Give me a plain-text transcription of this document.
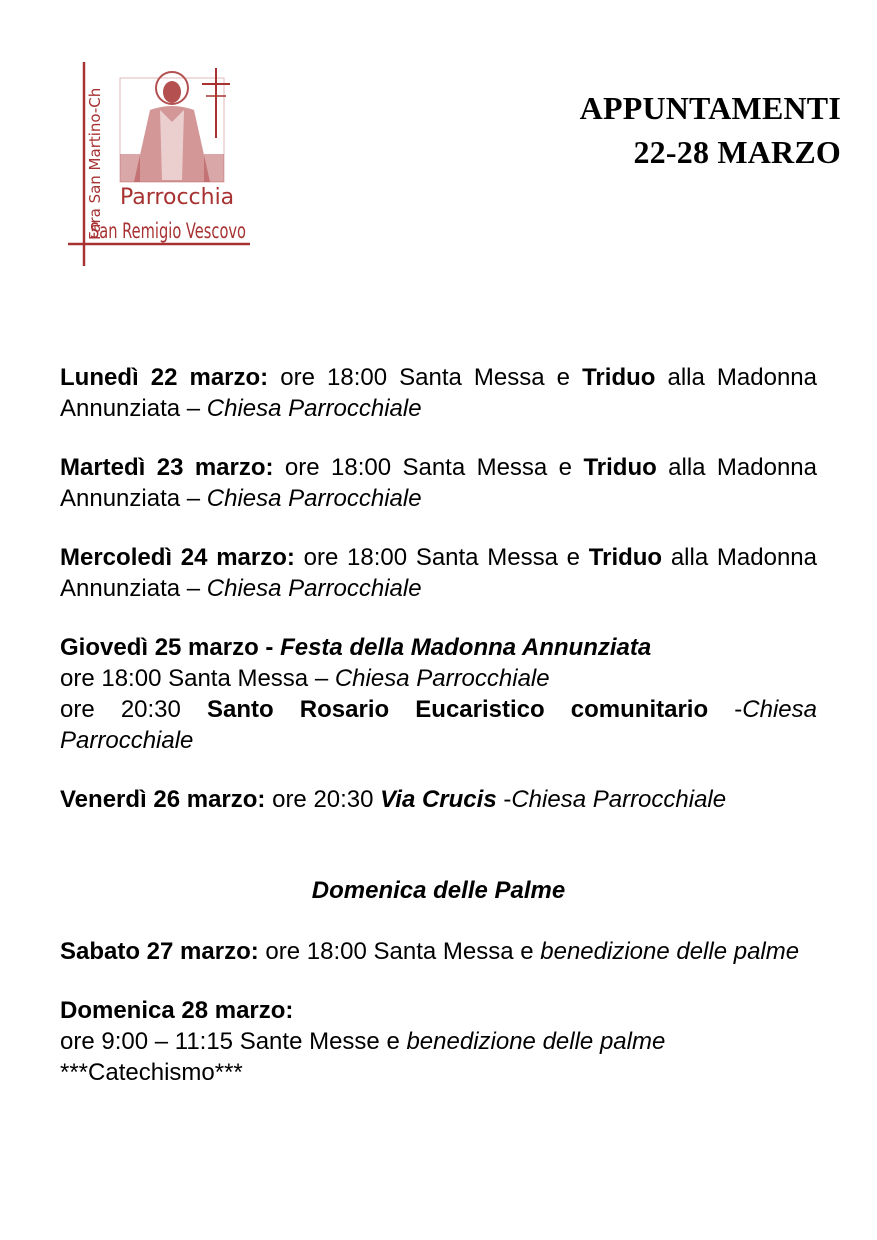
Fara San Martino-Ch Parrocchia
San Remigio Vescovo
APPUNTAMENTI
22-28 MARZO
Lunedì 22 marzo: ore 18:00 Santa Messa e Triduo alla Madonna Annunziata – Chiesa Parrocchiale
Martedì 23 marzo: ore 18:00 Santa Messa e Triduo alla Madonna Annunziata – Chiesa Parrocchiale
Mercoledì 24 marzo: ore 18:00 Santa Messa e Triduo alla Madonna Annunziata – Chiesa Parrocchiale
Giovedì 25 marzo - Festa della Madonna Annunziata
ore 18:00 Santa Messa – Chiesa Parrocchiale
ore 20:30 Santo Rosario Eucaristico comunitario -Chiesa Parrocchiale
Venerdì 26 marzo: ore 20:30 Via Crucis -Chiesa Parrocchiale
Domenica delle Palme
Sabato 27 marzo: ore 18:00 Santa Messa e benedizione delle palme
Domenica 28 marzo:
ore 9:00 – 11:15 Sante Messe e benedizione delle palme
***Catechismo***
